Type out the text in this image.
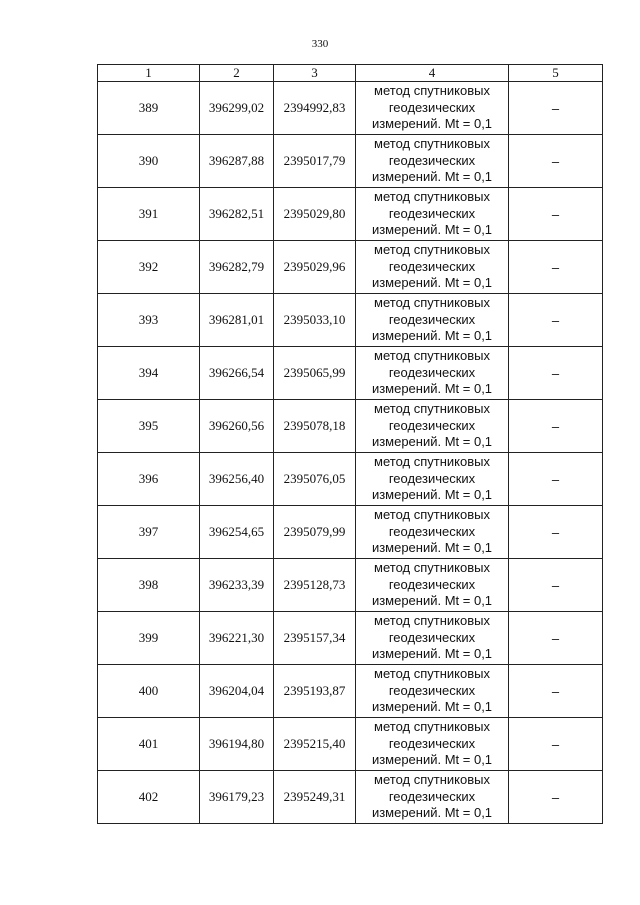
330
1	2	3	4	5
389	396299,02	2394992,83	метод спутниковых
геодезических
измерений. Mt = 0,1	–
390	396287,88	2395017,79	метод спутниковых
геодезических
измерений. Mt = 0,1	–
391	396282,51	2395029,80	метод спутниковых
геодезических
измерений. Mt = 0,1	–
392	396282,79	2395029,96	метод спутниковых
геодезических
измерений. Mt = 0,1	–
393	396281,01	2395033,10	метод спутниковых
геодезических
измерений. Mt = 0,1	–
394	396266,54	2395065,99	метод спутниковых
геодезических
измерений. Mt = 0,1	–
395	396260,56	2395078,18	метод спутниковых
геодезических
измерений. Mt = 0,1	–
396	396256,40	2395076,05	метод спутниковых
геодезических
измерений. Mt = 0,1	–
397	396254,65	2395079,99	метод спутниковых
геодезических
измерений. Mt = 0,1	–
398	396233,39	2395128,73	метод спутниковых
геодезических
измерений. Mt = 0,1	–
399	396221,30	2395157,34	метод спутниковых
геодезических
измерений. Mt = 0,1	–
400	396204,04	2395193,87	метод спутниковых
геодезических
измерений. Mt = 0,1	–
401	396194,80	2395215,40	метод спутниковых
геодезических
измерений. Mt = 0,1	–
402	396179,23	2395249,31	метод спутниковых
геодезических
измерений. Mt = 0,1	–
